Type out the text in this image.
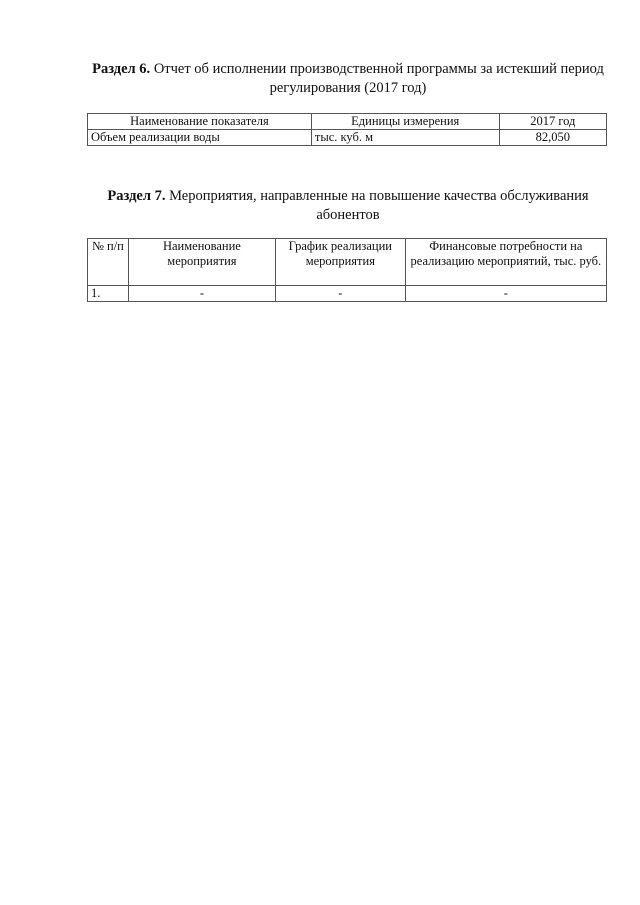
Раздел 6. Отчет об исполнении производственной программы за истекший период регулирования (2017 год)
Наименование показателя	Единицы измерения	2017 год
Объем реализации воды	тыс. куб. м	82,050
Раздел 7. Мероприятия, направленные на повышение качества обслуживания абонентов
№ п/п	Наименование мероприятия	График реализации мероприятия	Финансовые потребности на реализацию мероприятий, тыс. руб.
1.	-	-	-
